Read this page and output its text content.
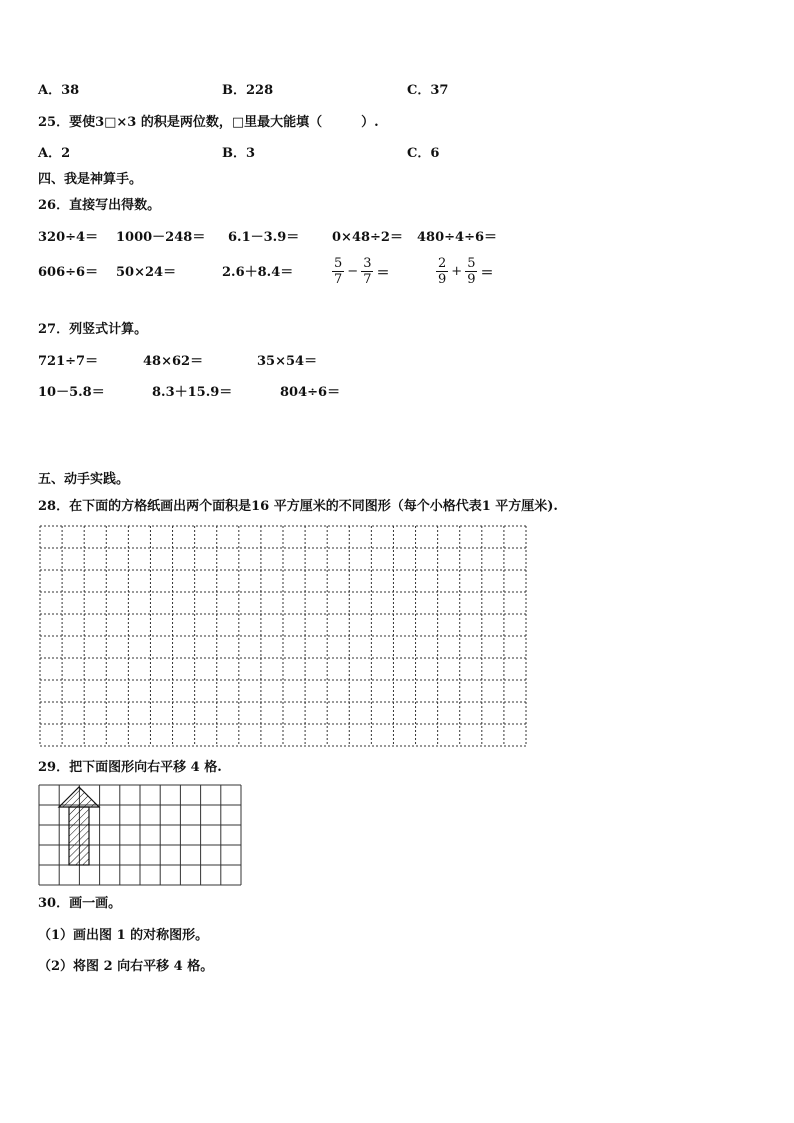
A．38	B．228	C．37
25．要使3□×3 的积是两位数，□里最大能填（　　　）.
A．2	B．3	C．6
四、我是神算手。
26．直接写出得数。
320÷4＝ 1000－248＝ 6.1－3.9＝	0×48÷2＝ 480÷4÷6＝
606÷6＝ 50×24＝	2.6＋8.4＝
5
7
− $\frac{3}{7}$ ＝
2
9
+ $\frac{5}{9}$ ＝
27．列竖式计算。
721÷7＝	48×62＝	35×54＝
10－5.8＝	8.3＋15.9＝	804÷6＝
五、动手实践。
28．在下面的方格纸画出两个面积是16 平方厘米的不同图形（每个小格代表1 平方厘米).
29．把下面图形向右平移 4 格.
30．画一画。
（1）画出图 1 的对称图形。
（2）将图 2 向右平移 4 格。
